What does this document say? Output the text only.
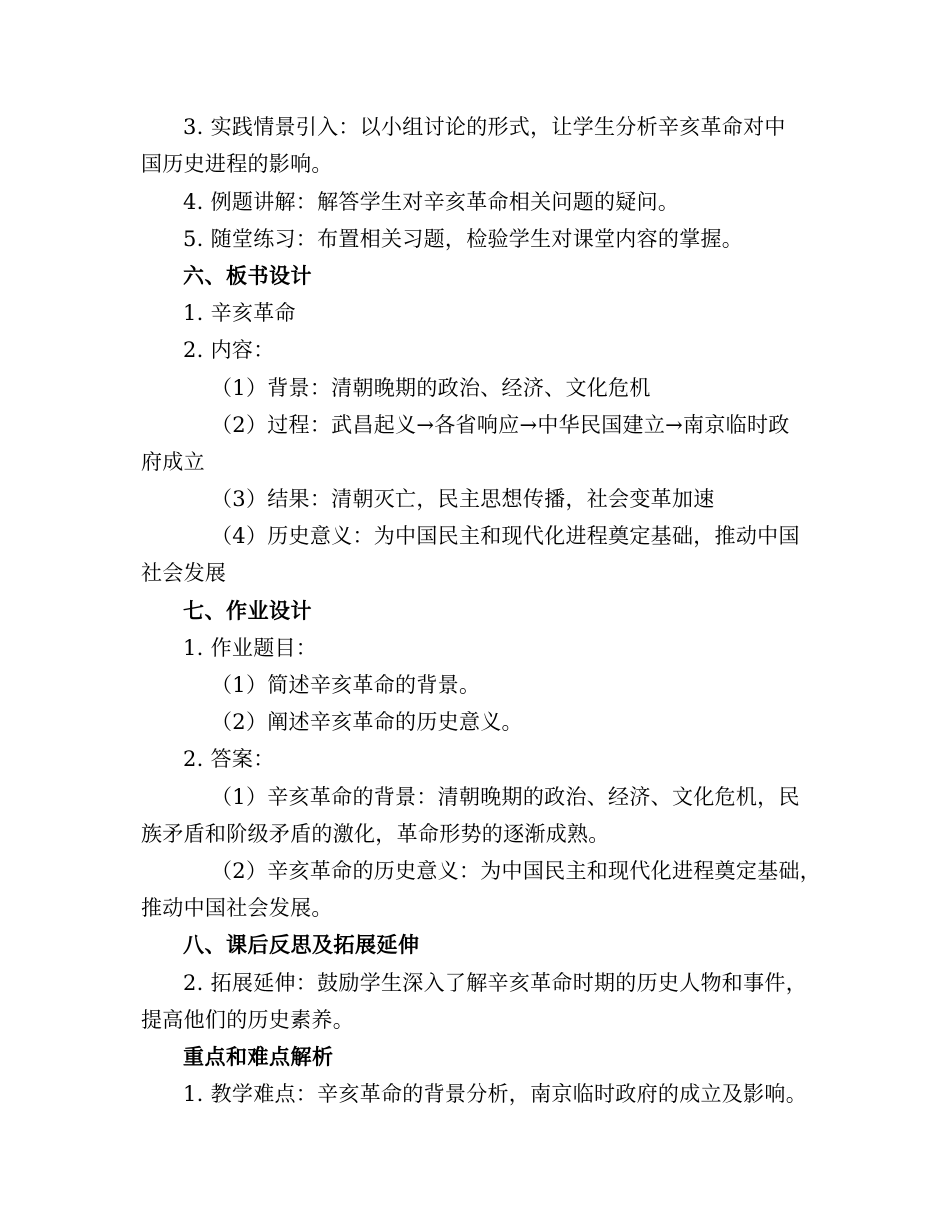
3. 实践情景引入：以小组讨论的形式，让学生分析辛亥革命对中
国历史进程的影响。
4. 例题讲解：解答学生对辛亥革命相关问题的疑问。
5. 随堂练习：布置相关习题，检验学生对课堂内容的掌握。
六、板书设计
1. 辛亥革命
2. 内容：
（1）背景：清朝晚期的政治、经济、文化危机
（2）过程：武昌起义→各省响应→中华民国建立→南京临时政
府成立
（3）结果：清朝灭亡，民主思想传播，社会变革加速
（4）历史意义：为中国民主和现代化进程奠定基础，推动中国
社会发展
七、作业设计
1. 作业题目：
（1）简述辛亥革命的背景。
（2）阐述辛亥革命的历史意义。
2. 答案：
（1）辛亥革命的背景：清朝晚期的政治、经济、文化危机，民
族矛盾和阶级矛盾的激化，革命形势的逐渐成熟。
（2）辛亥革命的历史意义：为中国民主和现代化进程奠定基础，
推动中国社会发展。
八、课后反思及拓展延伸
2. 拓展延伸：鼓励学生深入了解辛亥革命时期的历史人物和事件，
提高他们的历史素养。
重点和难点解析
1. 教学难点：辛亥革命的背景分析，南京临时政府的成立及影响。
